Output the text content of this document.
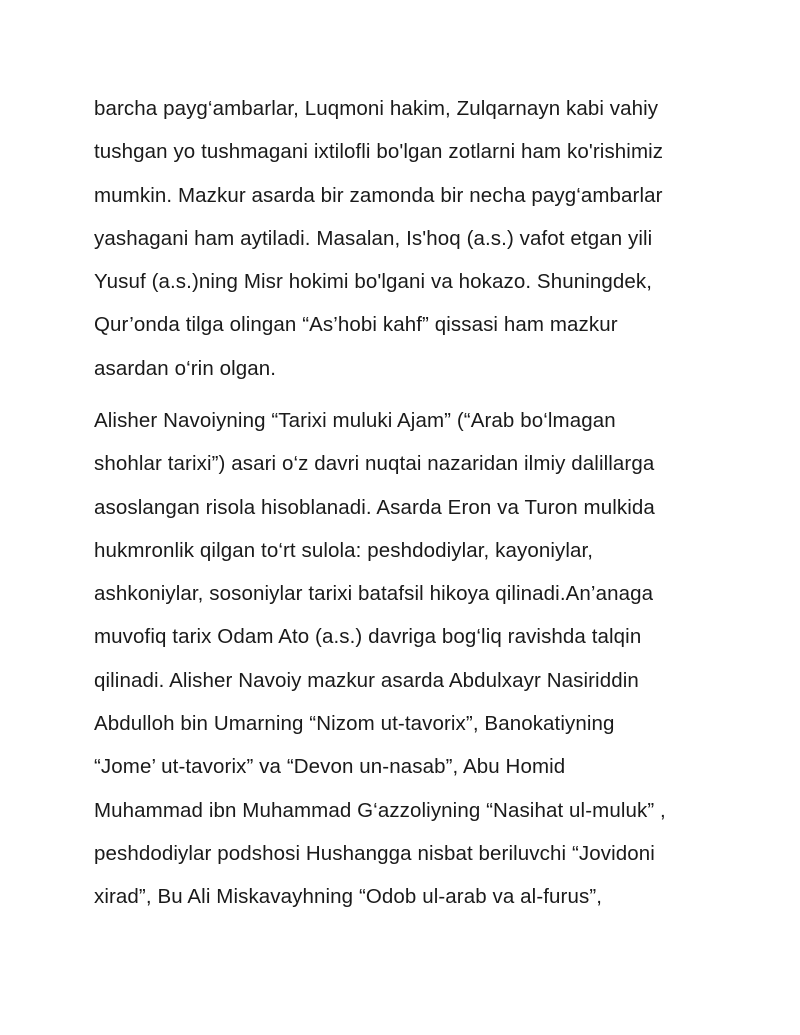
barcha payg‘ambarlar, Luqmoni hakim, Zulqarnayn kabi vahiy
tushgan yo tushmagani ixtilofli bo'lgan zotlarni ham ko'rishimiz
mumkin. Mazkur asarda bir zamonda bir necha payg‘ambarlar
yashagani ham aytiladi. Masalan, Is'hoq (a.s.) vafot etgan yili
Yusuf (a.s.)ning Misr hokimi bo'lgani va hokazo. Shuningdek,
Qur’onda tilga olingan “As’hobi kahf” qissasi ham mazkur
asardan o‘rin olgan.
Alisher Navoiyning “Tarixi muluki Ajam” (“Arab bo‘lmagan
shohlar tarixi”) asari o‘z davri nuqtai nazaridan ilmiy dalillarga
asoslangan risola hisoblanadi. Asarda Eron va Turon mulkida
hukmronlik qilgan to‘rt sulola: peshdodiylar, kayoniylar,
ashkoniylar, sosoniylar tarixi batafsil hikoya qilinadi.An’anaga
muvofiq tarix Odam Ato (a.s.) davriga bog‘liq ravishda talqin
qilinadi. Alisher Navoiy mazkur asarda Abdulxayr Nasiriddin
Abdulloh bin Umarning “Nizom ut-tavorix”, Banokatiyning
“Jome’ ut-tavorix” va “Devon un-nasab”, Abu Homid
Muhammad ibn Muhammad G‘azzoliyning “Nasihat ul-muluk” ,
peshdodiylar podshosi Hushangga nisbat beriluvchi “Jovidoni
xirad”, Bu Ali Miskavayhning “Odob ul-arab va al-furus”,
